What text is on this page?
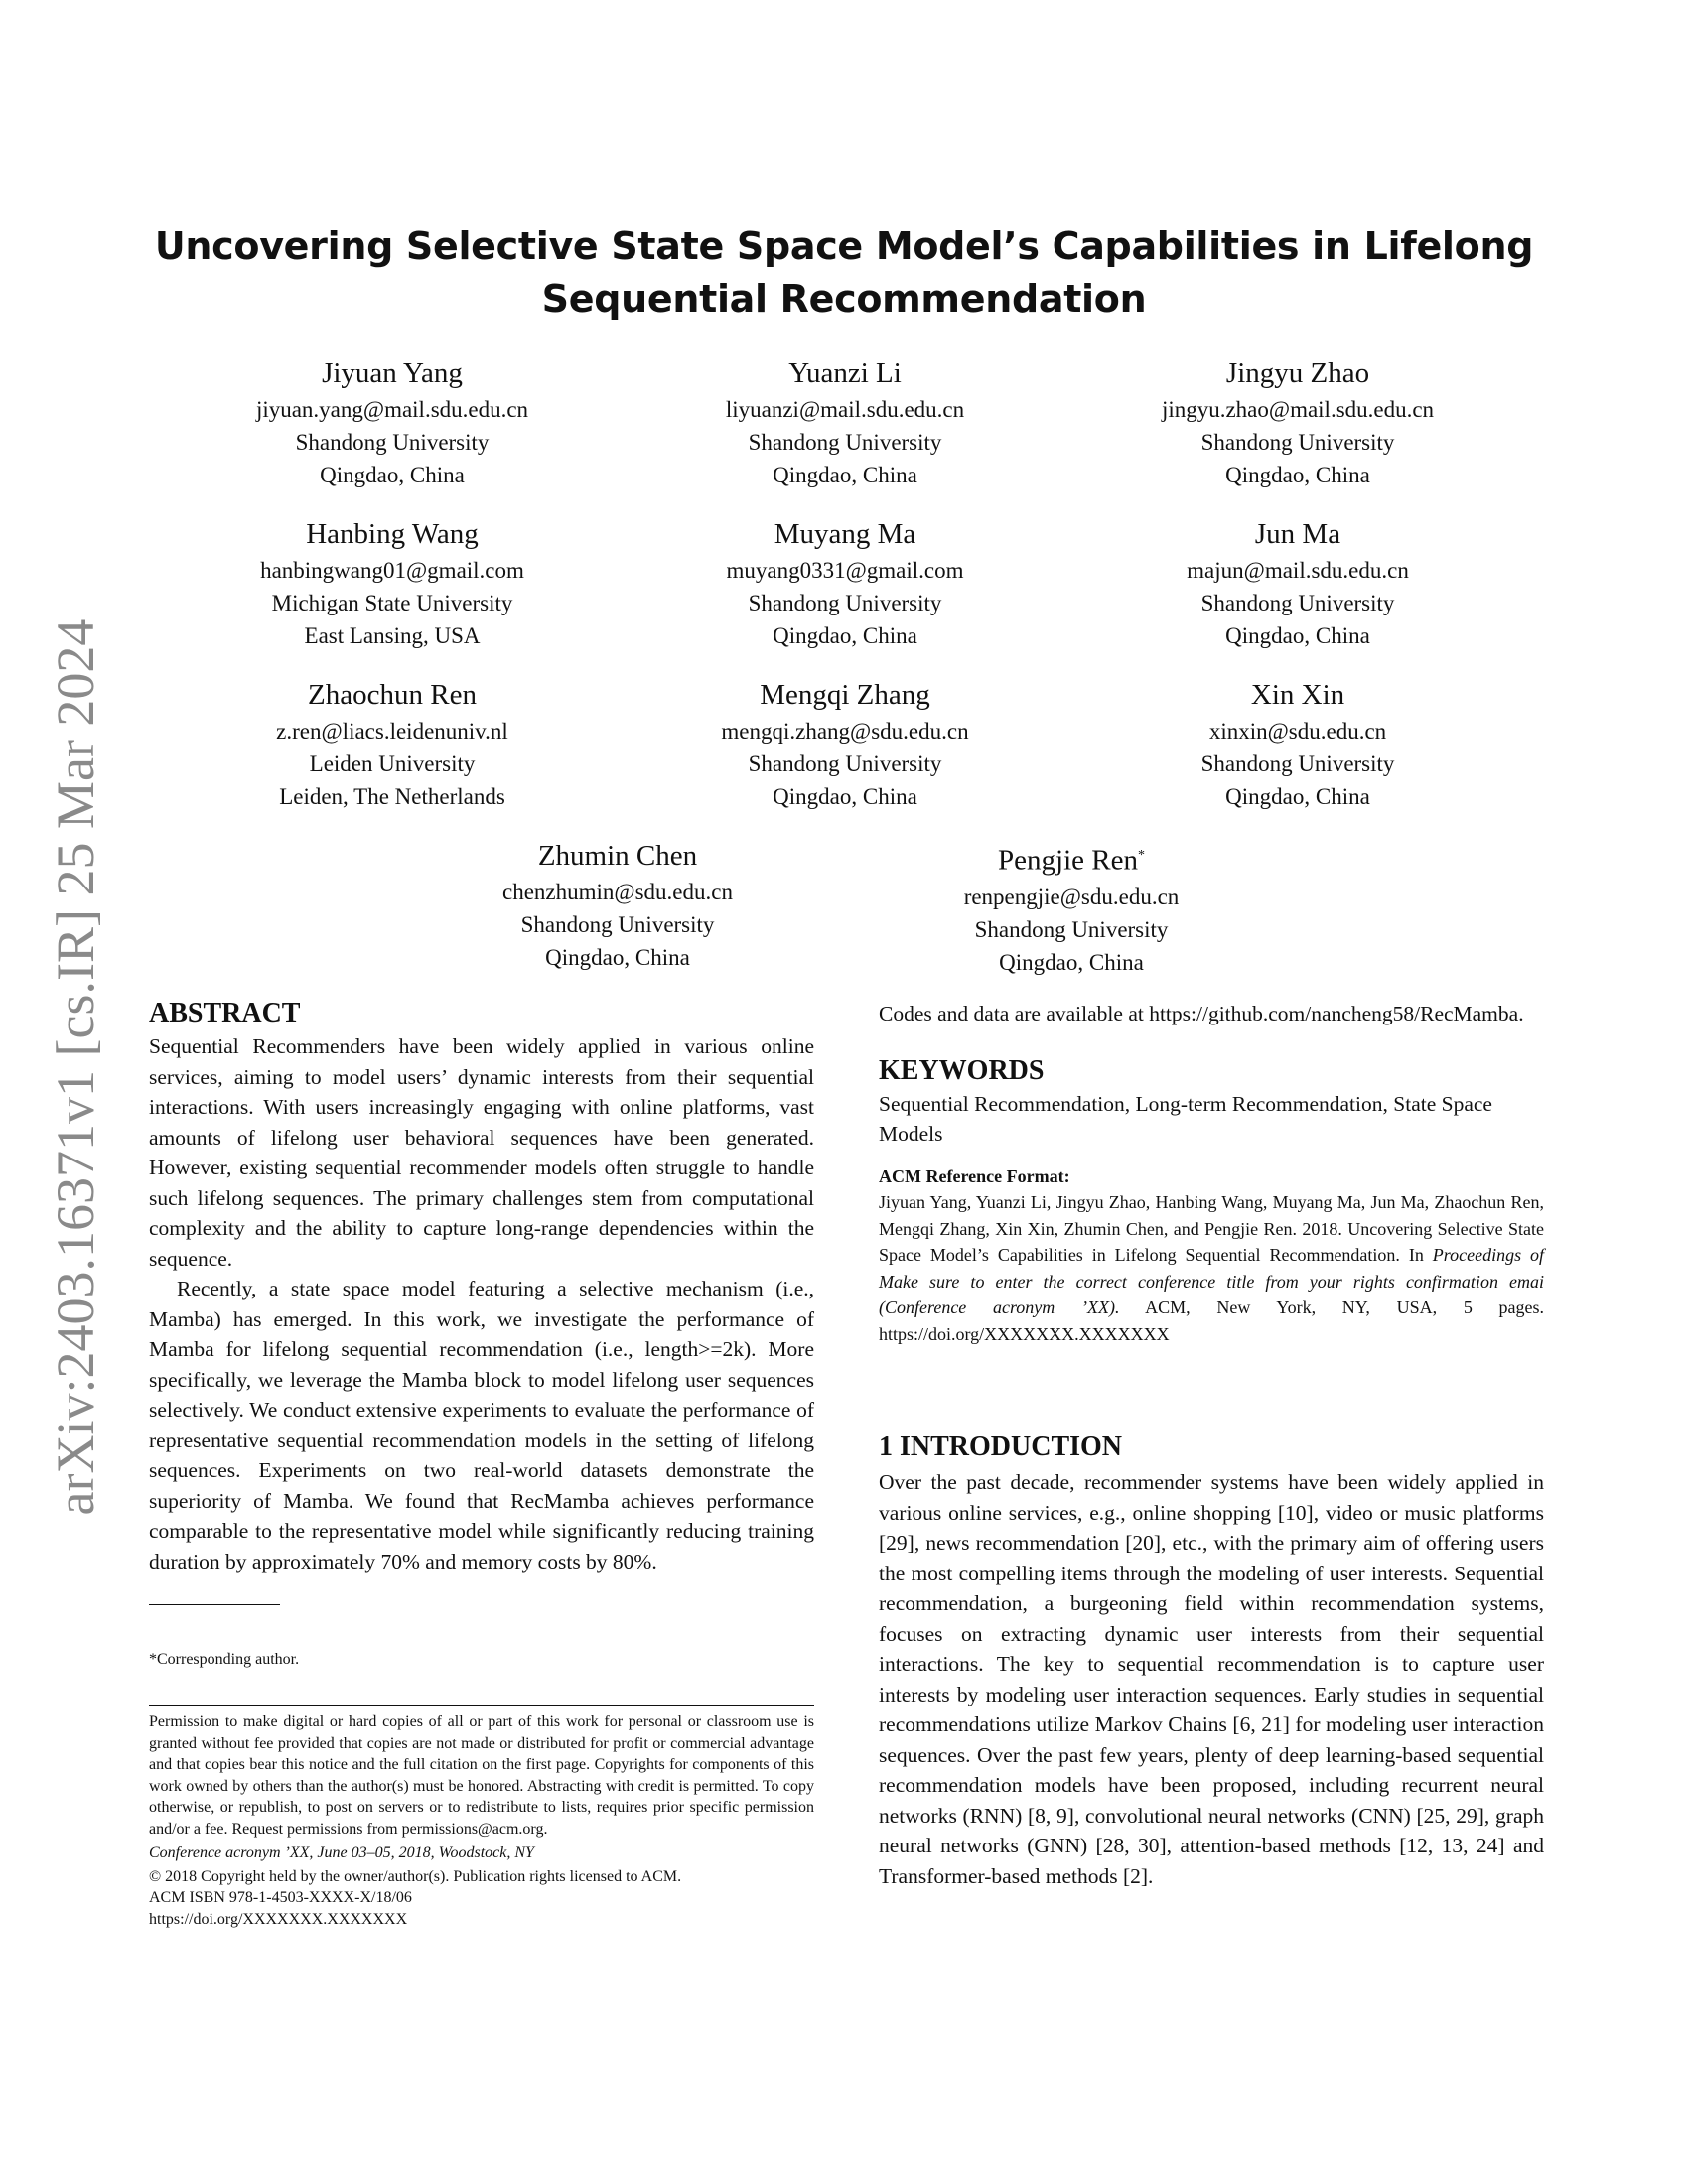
arXiv:2403.16371v1 [cs.IR] 25 Mar 2024
Uncovering Selective State Space Model’s Capabilities in Lifelong Sequential Recommendation
Jiyuan Yang
jiyuan.yang@mail.sdu.edu.cn
Shandong University
Qingdao, China
Yuanzi Li
liyuanzi@mail.sdu.edu.cn
Shandong University
Qingdao, China
Jingyu Zhao
jingyu.zhao@mail.sdu.edu.cn
Shandong University
Qingdao, China
Hanbing Wang
hanbingwang01@gmail.com
Michigan State University
East Lansing, USA
Muyang Ma
muyang0331@gmail.com
Shandong University
Qingdao, China
Jun Ma
majun@mail.sdu.edu.cn
Shandong University
Qingdao, China
Zhaochun Ren
z.ren@liacs.leidenuniv.nl
Leiden University
Leiden, The Netherlands
Mengqi Zhang
mengqi.zhang@sdu.edu.cn
Shandong University
Qingdao, China
Xin Xin
xinxin@sdu.edu.cn
Shandong University
Qingdao, China
Zhumin Chen
chenzhumin@sdu.edu.cn
Shandong University
Qingdao, China
Pengjie Ren*
renpengjie@sdu.edu.cn
Shandong University
Qingdao, China
ABSTRACT

Sequential Recommenders have been widely applied in various online services, aiming to model users’ dynamic interests from their sequential interactions. With users increasingly engaging with online platforms, vast amounts of lifelong user behavioral sequences have been generated. However, existing sequential recommender models often struggle to handle such lifelong sequences. The primary challenges stem from computational complexity and the ability to capture long-range dependencies within the sequence.

Recently, a state space model featuring a selective mechanism (i.e., Mamba) has emerged. In this work, we investigate the performance of Mamba for lifelong sequential recommendation (i.e., length>=2k). More specifically, we leverage the Mamba block to model lifelong user sequences selectively. We conduct extensive experiments to evaluate the performance of representative sequential recommendation models in the setting of lifelong sequences. Experiments on two real-world datasets demonstrate the superiority of Mamba. We found that RecMamba achieves performance comparable to the representative model while significantly reducing training duration by approximately 70% and memory costs by 80%.

*Corresponding author.

Permission to make digital or hard copies of all or part of this work for personal or classroom use is granted without fee provided that copies are not made or distributed for profit or commercial advantage and that copies bear this notice and the full citation on the first page. Copyrights for components of this work owned by others than the author(s) must be honored. Abstracting with credit is permitted. To copy otherwise, or republish, to post on servers or to redistribute to lists, requires prior specific permission and/or a fee. Request permissions from permissions@acm.org.

Conference acronym ’XX, June 03–05, 2018, Woodstock, NY

© 2018 Copyright held by the owner/author(s). Publication rights licensed to ACM.

ACM ISBN 978-1-4503-XXXX-X/18/06

https://doi.org/XXXXXXX.XXXXXXX

Codes and data are available at https://github.com/nancheng58/RecMamba.

KEYWORDS

Sequential Recommendation, Long-term Recommendation, State Space Models

ACM Reference Format:
Jiyuan Yang, Yuanzi Li, Jingyu Zhao, Hanbing Wang, Muyang Ma, Jun Ma, Zhaochun Ren, Mengqi Zhang, Xin Xin, Zhumin Chen, and Pengjie Ren. 2018. Uncovering Selective State Space Model’s Capabilities in Lifelong Sequential Recommendation. In Proceedings of Make sure to enter the correct conference title from your rights confirmation emai (Conference acronym ’XX). ACM, New York, NY, USA, 5 pages. https://doi.org/XXXXXXX.XXXXXXX
1 INTRODUCTION

Over the past decade, recommender systems have been widely applied in various online services, e.g., online shopping [10], video or music platforms [29], news recommendation [20], etc., with the primary aim of offering users the most compelling items through the modeling of user interests. Sequential recommendation, a burgeoning field within recommendation systems, focuses on extracting dynamic user interests from their sequential interactions. The key to sequential recommendation is to capture user interests by modeling user interaction sequences. Early studies in sequential recommendations utilize Markov Chains [6, 21] for modeling user interaction sequences. Over the past few years, plenty of deep learning-based sequential recommendation models have been proposed, including recurrent neural networks (RNN) [8, 9], convolutional neural networks (CNN) [25, 29], graph neural networks (GNN) [28, 30], attention-based methods [12, 13, 24] and Transformer-based methods [2].
